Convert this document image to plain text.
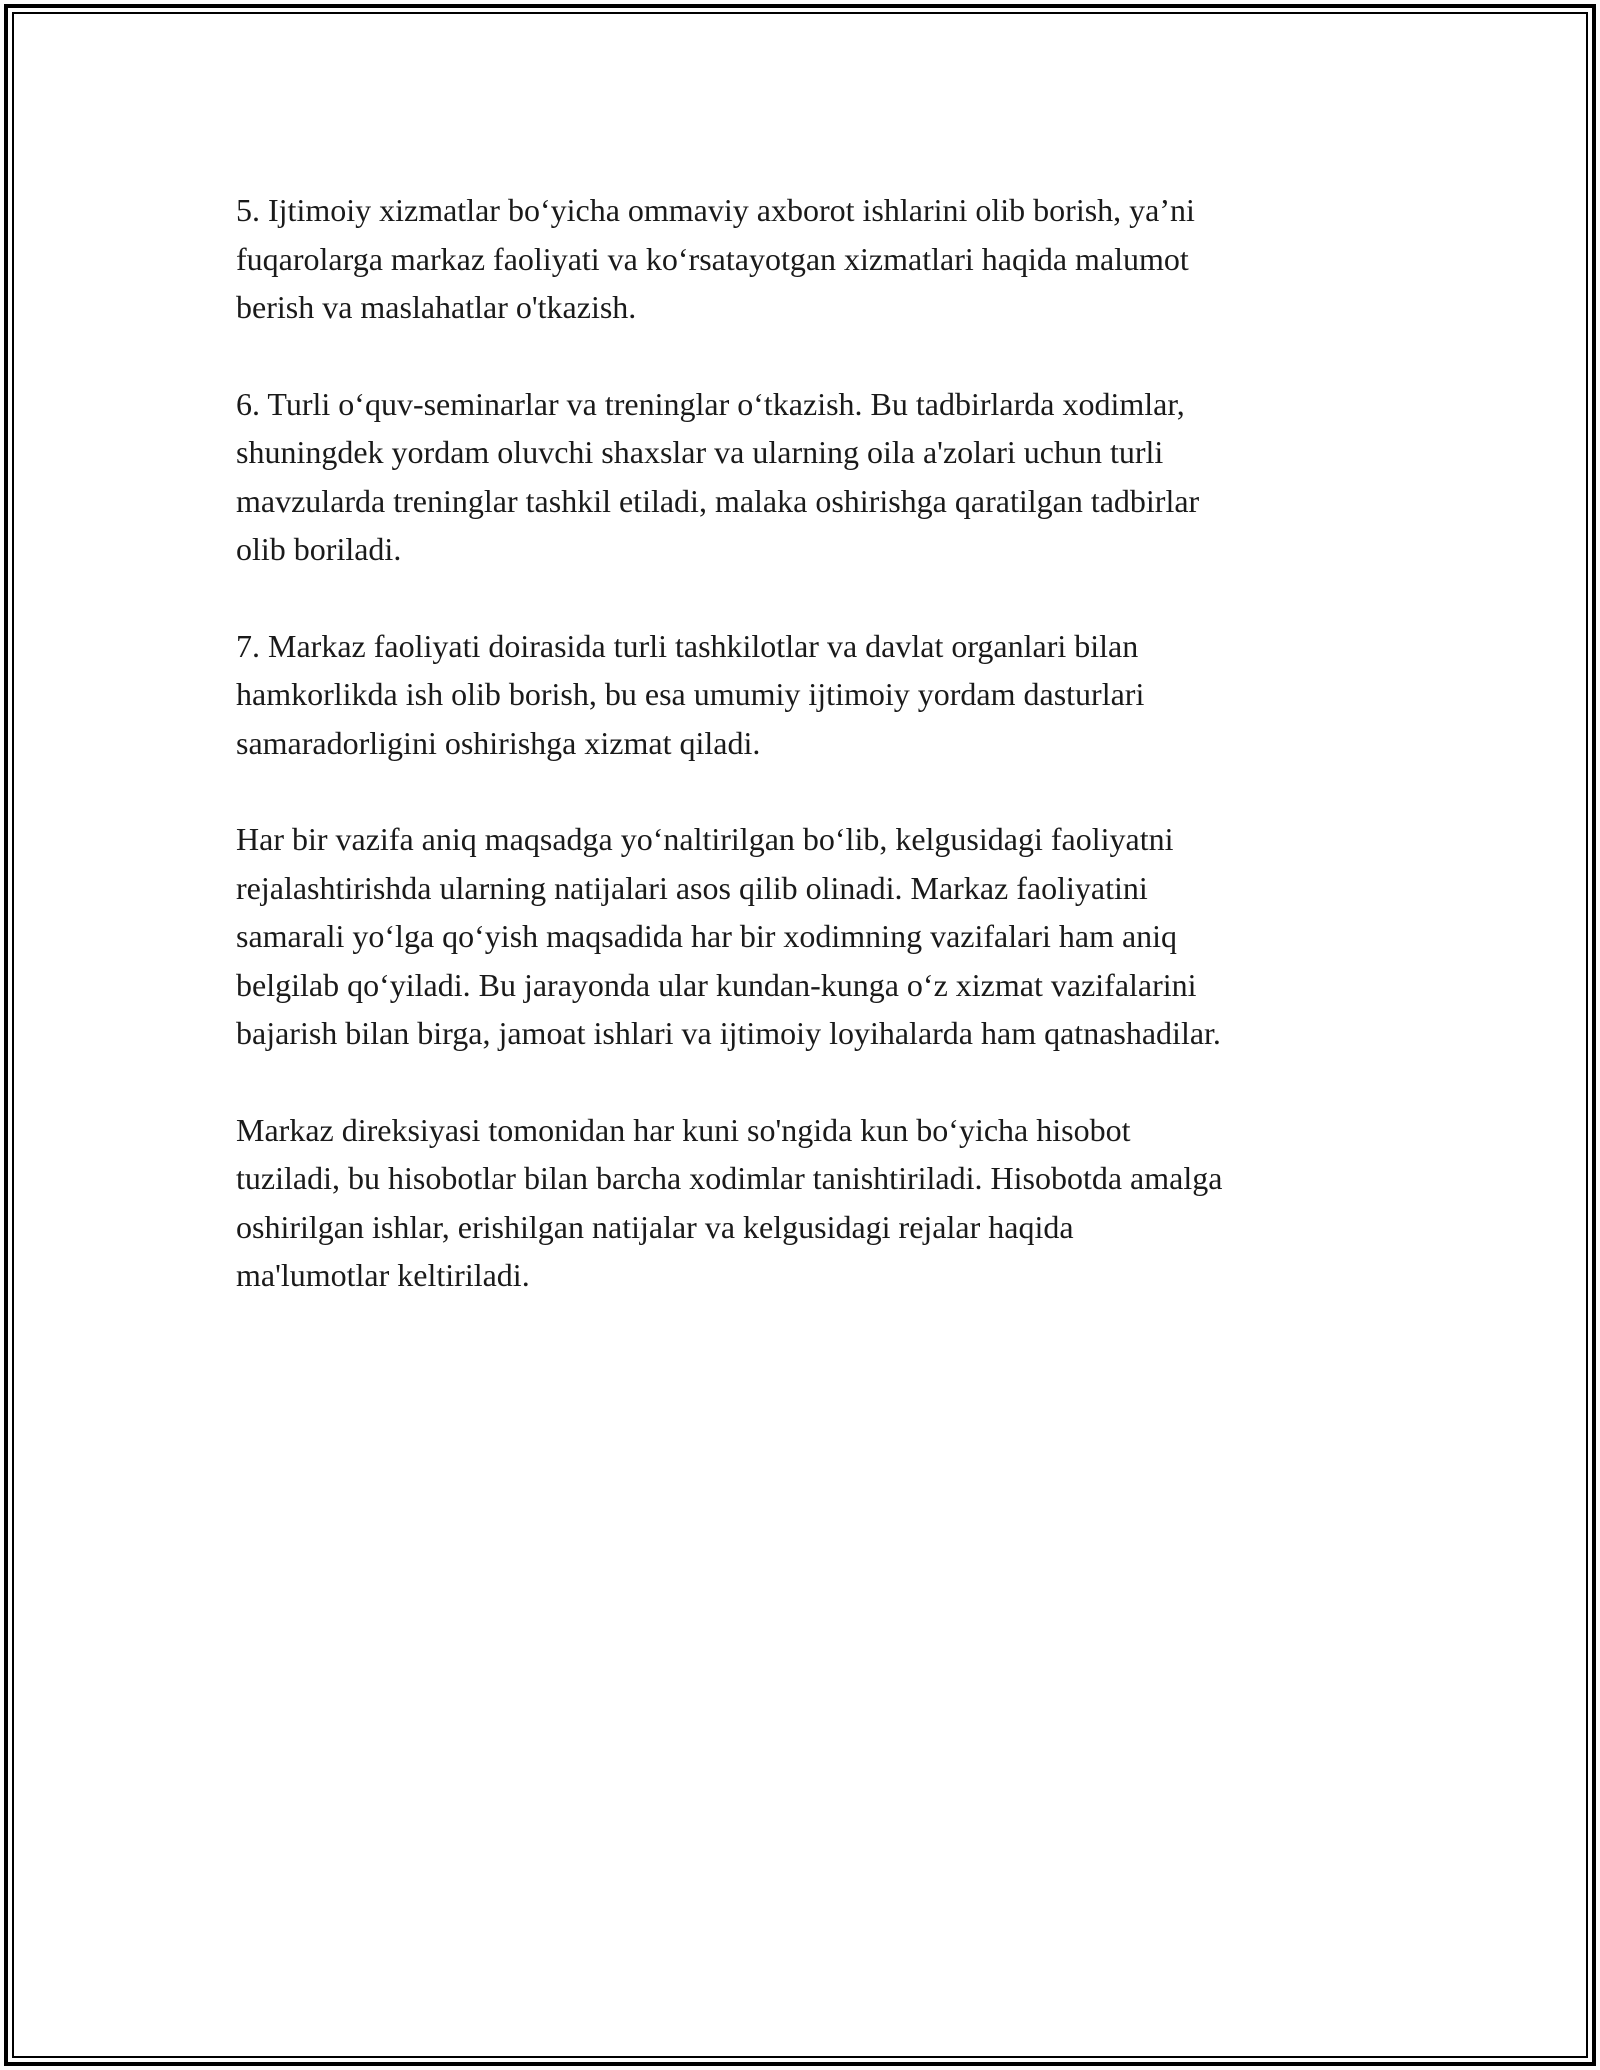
5. Ijtimoiy xizmatlar bo‘yicha ommaviy axborot ishlarini olib borish, ya’ni
fuqarolarga markaz faoliyati va ko‘rsatayotgan xizmatlari haqida malumot
berish va maslahatlar o'tkazish.

6. Turli o‘quv-seminarlar va treninglar o‘tkazish. Bu tadbirlarda xodimlar,
shuningdek yordam oluvchi shaxslar va ularning oila a'zolari uchun turli
mavzularda treninglar tashkil etiladi, malaka oshirishga qaratilgan tadbirlar
olib boriladi.

7. Markaz faoliyati doirasida turli tashkilotlar va davlat organlari bilan
hamkorlikda ish olib borish, bu esa umumiy ijtimoiy yordam dasturlari
samaradorligini oshirishga xizmat qiladi.

Har bir vazifa aniq maqsadga yo‘naltirilgan bo‘lib, kelgusidagi faoliyatni
rejalashtirishda ularning natijalari asos qilib olinadi. Markaz faoliyatini
samarali yo‘lga qo‘yish maqsadida har bir xodimning vazifalari ham aniq
belgilab qo‘yiladi. Bu jarayonda ular kundan-kunga o‘z xizmat vazifalarini
bajarish bilan birga, jamoat ishlari va ijtimoiy loyihalarda ham qatnashadilar.

Markaz direksiyasi tomonidan har kuni so'ngida kun bo‘yicha hisobot
tuziladi, bu hisobotlar bilan barcha xodimlar tanishtiriladi. Hisobotda amalga
oshirilgan ishlar, erishilgan natijalar va kelgusidagi rejalar haqida
ma'lumotlar keltiriladi.
